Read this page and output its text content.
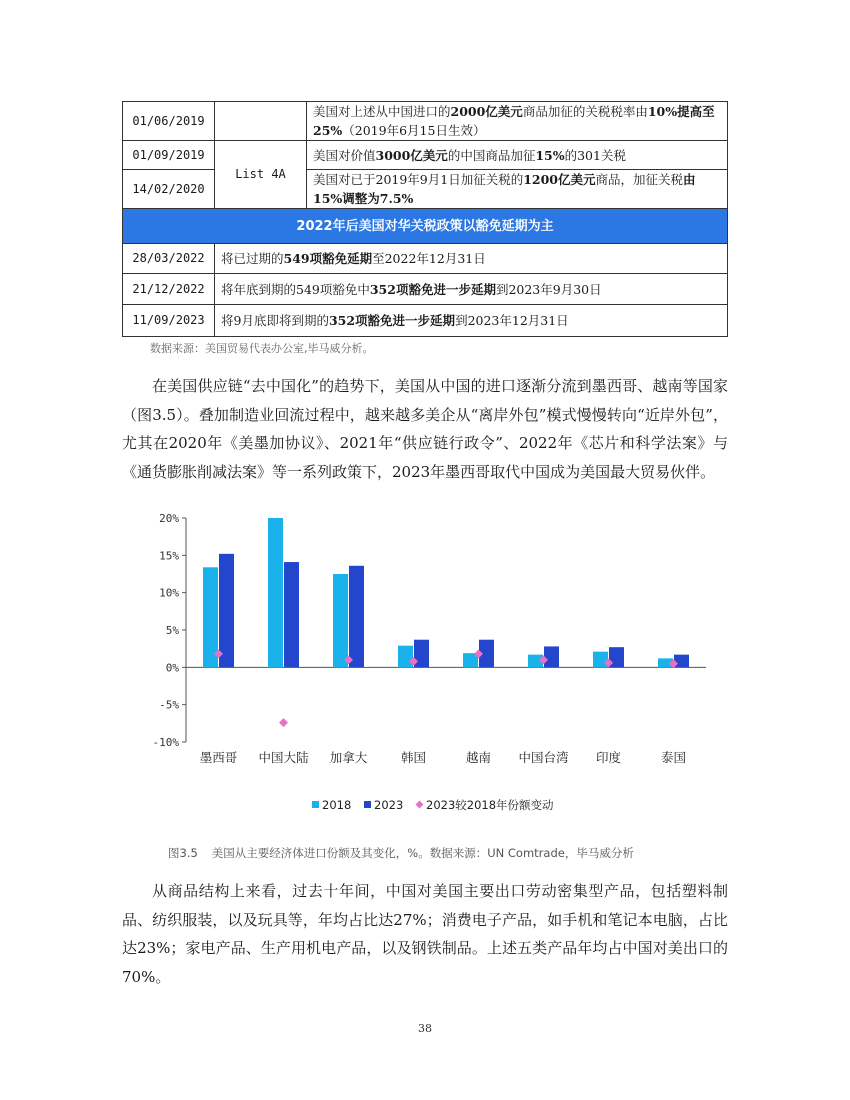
01/06/2019		美国对上述从中国进口的2000亿美元商品加征的关税税率由10%提高至25%（2019年6月15日生效）
01/09/2019	List 4A	美国对价值3000亿美元的中国商品加征15%的301关税
14/02/2020		美国对已于2019年9月1日加征关税的1200亿美元商品，加征关税由15%调整为7.5%
2022年后美国对华关税政策以豁免延期为主		
28/03/2022	将已过期的549项豁免延期至2022年12月31日	
21/12/2022	将年底到期的549项豁免中352项豁免进一步延期到2023年9月30日	
11/09/2023	将9月底即将到期的352项豁免进一步延期到2023年12月31日	
数据来源：美国贸易代表办公室,毕马威分析。

在美国供应链“去中国化”的趋势下，美国从中国的进口逐渐分流到墨西哥、越南等国家（图3.5）。叠加制造业回流过程中，越来越多美企从“离岸外包”模式慢慢转向“近岸外包”，尤其在2020年《美墨加协议》、2021年“供应链行政令”、2022年《芯片和科学法案》与《通货膨胀削减法案》等一系列政策下，2023年墨西哥取代中国成为美国最大贸易伙伴。

20%
15%
10%
5%
0%
-5%
-10%
墨西哥 中国大陆 加拿大	韩国	越南 中国台湾 印度	泰国
2018 2023 2023较2018年份额变动
图3.5 美国从主要经济体进口份额及其变化，%。数据来源：UN Comtrade，毕马威分析

从商品结构上来看，过去十年间，中国对美国主要出口劳动密集型产品，包括塑料制品、纺织服装，以及玩具等，年均占比达27%；消费电子产品，如手机和笔记本电脑，占比达23%；家电产品、生产用机电产品，以及钢铁制品。上述五类产品年均占中国对美出口的70%。

38
